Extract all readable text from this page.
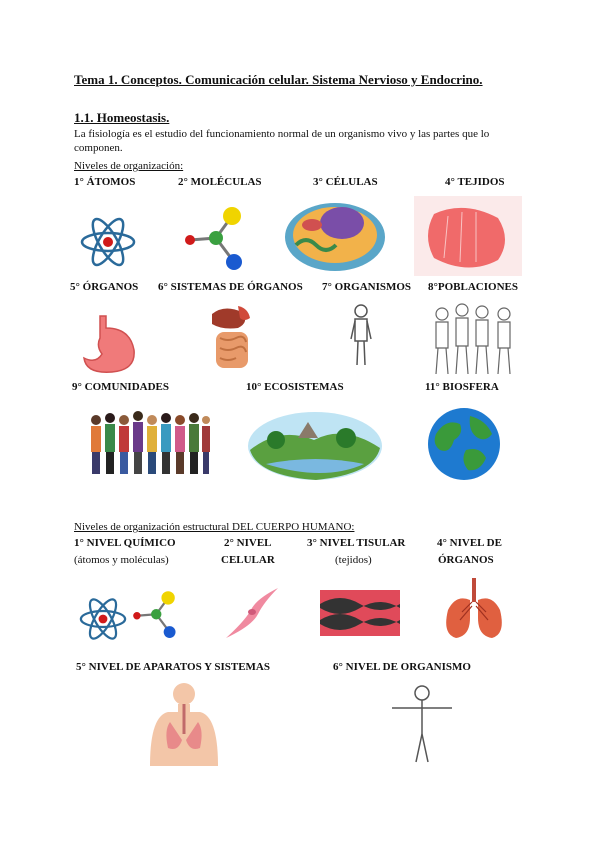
Tema 1. Conceptos. Comunicación celular. Sistema Nervioso y Endocrino.
1.1. Homeostasis.
La fisiología es el estudio del funcionamiento normal de un organismo vivo y las partes que lo
componen.
Niveles de organización:
1° ÁTOMOS	2° MOLÉCULAS	3° CÉLULAS	4° TEJIDOS
5° ÓRGANOS 6° SISTEMAS DE ÓRGANOS 7° ORGANISMOS 8°POBLACIONES
9° COMUNIDADES	10° ECOSISTEMAS	11° BIOSFERA
Niveles de organización estructural DEL CUERPO HUMANO:
1° NIVEL QUÍMICO
(átomos y moléculas)
2° NIVEL
CELULAR
3° NIVEL TISULAR
(tejidos)
4° NIVEL DE
ÓRGANOS
5° NIVEL DE APARATOS Y SISTEMAS	6° NIVEL DE ORGANISMO
